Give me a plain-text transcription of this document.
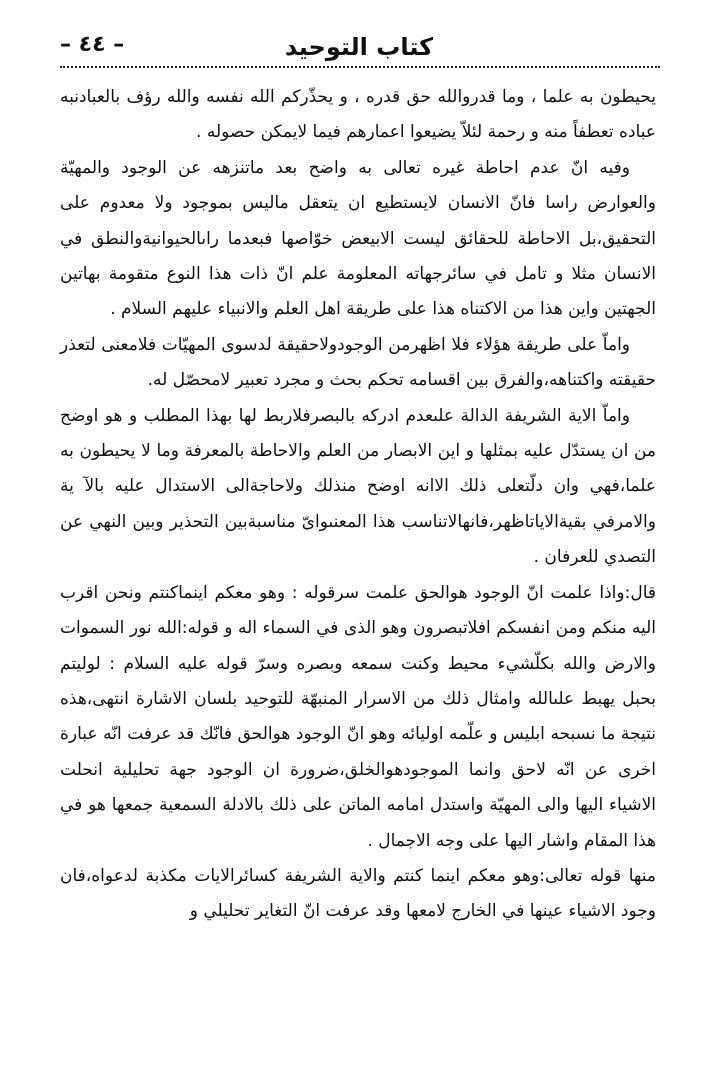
كتاب التوحيد
– ٤٤ –

يحيطون به علما ، وما قدروالله حق قدره ، و يحذّركم الله نفسه والله رؤف بالعبادنبه عباده تعطفاً منه و رحمة لئلاّ يضيعوا اعمارهم فيما لايمكن حصوله .

وفيه انّ عدم احاطة غيره تعالى به واضح بعد ماتنزهه عن الوجود والمهيّة والعوارض راسا فانّ الانسان لايستطيع ان يتعقل ماليس بموجود ولا معدوم على التحقيق،بل الاحاطة للحقائق ليست الابيعض خوّاصها فبعدما راىالحيوانيةوالنطق في الانسان مثلا و تامل في سائرجهاته المعلومة علم انّ ذات هذا النوع متقومة بهاتين الجهتين واين هذا من الاكتناه هذا على طريقة اهل العلم والانبياء عليهم السلام .

واماّ على طريقة هؤلاء فلا اظهرمن الوجودولاحقيقة لدسوى المهيّات فلامعنى لتعذر حقيقته واكتناهه،والفرق بين اقسامه تحكم بحث و مجرد تعبير لامحصّل له.

واماّ الاية الشريفة الدالة علىعدم ادركه بالبصرفلاربط لها بهذا المطلب و هو اوضح من ان يستدّل عليه بمثلها و اين الابصار من العلم والاحاطة بالمعرفة وما لا يحيطون به علما،فهي وان دلّتعلى ذلك الاانه اوضح منذلك ولاحاجةالى الاستدال عليه بالآ ية والامرفي بقيةالاياتاظهر،فانهالاتناسب هذا المعنىواىّ مناسبةبين التحذير وبين النهي عن التصدي للعرفان .

قال:واذا علمت انّ الوجود هوالحق علمت سرقوله : وهو معكم اينماكنتم ونحن اقرب اليه منكم ومن انفسكم افلاتبصرون وهو الذى في السماء اله و قوله:الله نور السموات والارض والله بكلّشيء محيط وكنت سمعه وبصره وسرّ قوله عليه السلام : لوليتم بحبل يهبط علىالله وامثال ذلك من الاسرار المنبهّة للتوحيد بلسان الاشارة انتهى،هذه نتيجة ما نسبحه ابليس و علّمه اوليائه وهو انّ الوجود هوالحق فانّك قد عرفت انّه عبارة اخرى عن انّه لاحق وانما الموجودهوالخلق،ضرورة ان الوجود جهة تحليلية انحلت الاشياء اليها والى المهيّة واستدل امامه الماتن على ذلك بالادلة السمعية جمعها هو في هذا المقام واشار اليها على وجه الاجمال .

منها قوله تعالى:وهو معكم اينما كنتم والاية الشريفة كسائرالايات مكذبة لدعواه،فان وجود الاشياء عينها في الخارج لامعها وقد عرفت انّ التغاير تحليلي و
